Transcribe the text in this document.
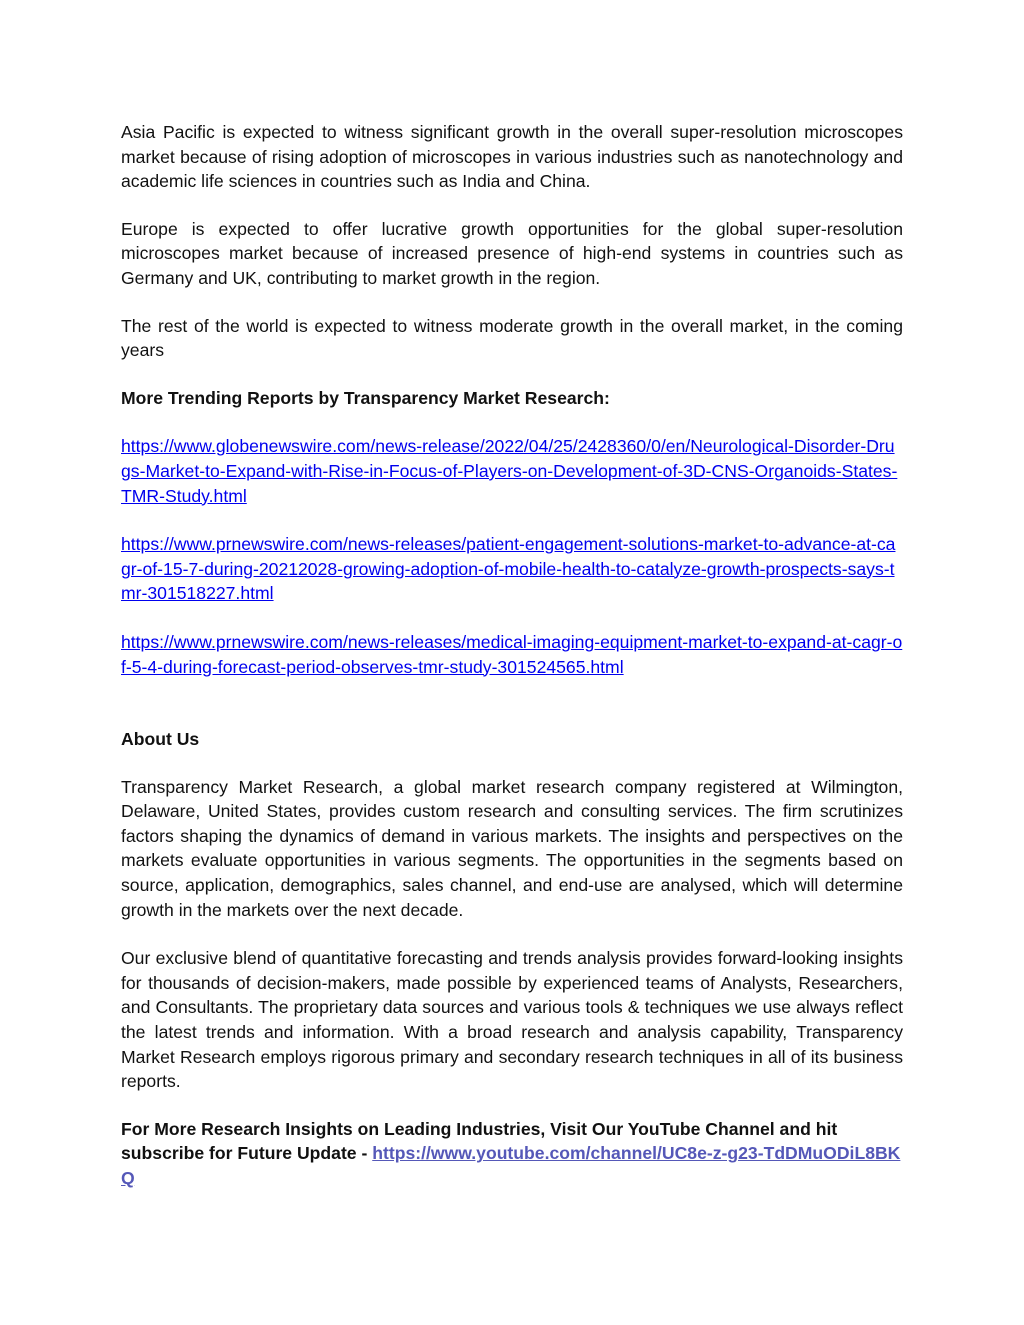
Asia Pacific is expected to witness significant growth in the overall super-resolution microscopes market because of rising adoption of microscopes in various industries such as nanotechnology and academic life sciences in countries such as India and China.

Europe is expected to offer lucrative growth opportunities for the global super-resolution microscopes market because of increased presence of high-end systems in countries such as Germany and UK, contributing to market growth in the region.

The rest of the world is expected to witness moderate growth in the overall market, in the coming years

More Trending Reports by Transparency Market Research:

https://www.globenewswire.com/news-release/2022/04/25/2428360/0/en/Neurological-Disorder-Drugs-Market-to-Expand-with-Rise-in-Focus-of-Players-on-Development-of-3D-CNS-Organoids-States-TMR-Study.html

https://www.prnewswire.com/news-releases/patient-engagement-solutions-market-to-advance-at-cagr-of-15-7-during-20212028-growing-adoption-of-mobile-health-to-catalyze-growth-prospects-says-tmr-301518227.html

https://www.prnewswire.com/news-releases/medical-imaging-equipment-market-to-expand-at-cagr-of-5-4-during-forecast-period-observes-tmr-study-301524565.html

About Us

Transparency Market Research, a global market research company registered at Wilmington, Delaware, United States, provides custom research and consulting services. The firm scrutinizes factors shaping the dynamics of demand in various markets. The insights and perspectives on the markets evaluate opportunities in various segments. The opportunities in the segments based on source, application, demographics, sales channel, and end-use are analysed, which will determine growth in the markets over the next decade.

Our exclusive blend of quantitative forecasting and trends analysis provides forward-looking insights for thousands of decision-makers, made possible by experienced teams of Analysts, Researchers, and Consultants. The proprietary data sources and various tools & techniques we use always reflect the latest trends and information. With a broad research and analysis capability, Transparency Market Research employs rigorous primary and secondary research techniques in all of its business reports.

For More Research Insights on Leading Industries, Visit Our YouTube Channel and hit subscribe for Future Update - https://www.youtube.com/channel/UC8e-z-g23-TdDMuODiL8BKQ
